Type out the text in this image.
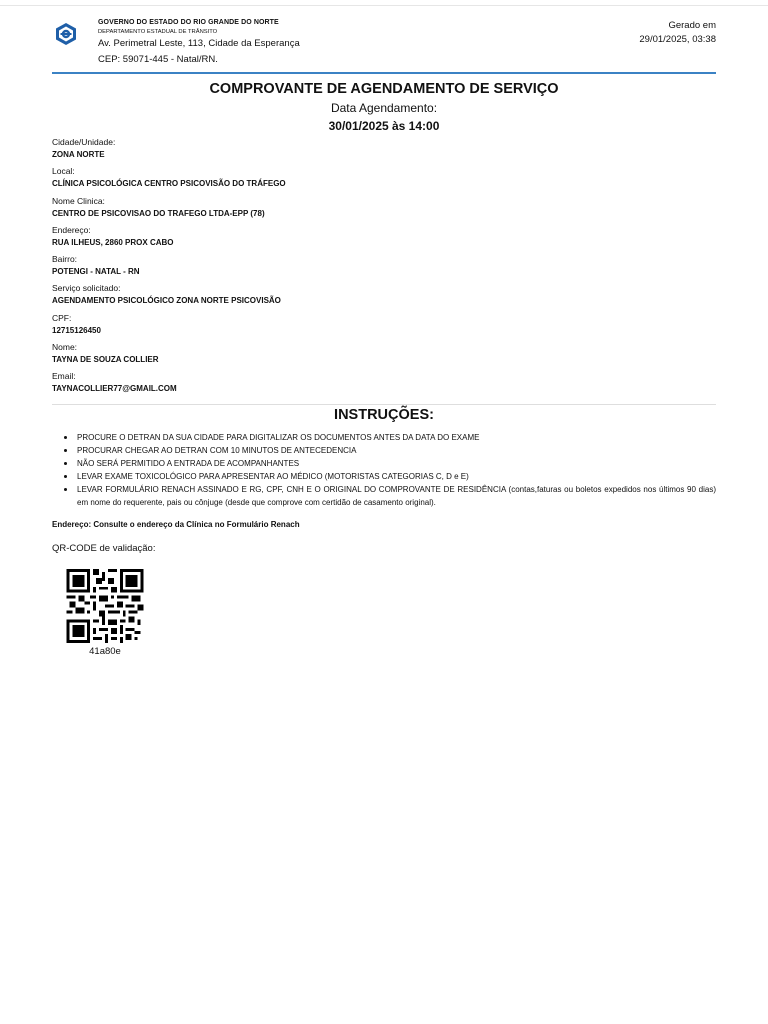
GOVERNO DO ESTADO DO RIO GRANDE DO NORTE
DEPARTAMENTO ESTADUAL DE TRÂNSITO
Av. Perimetral Leste, 113, Cidade da Esperança
CEP: 59071-445 - Natal/RN.
Gerado em
29/01/2025, 03:38
COMPROVANTE DE AGENDAMENTO DE SERVIÇO
Data Agendamento:
30/01/2025 às 14:00
Cidade/Unidade:
ZONA NORTE
Local:
CLÍNICA PSICOLÓGICA CENTRO PSICOVISÃO DO TRÁFEGO
Nome Clinica:
CENTRO DE PSICOVISAO DO TRAFEGO LTDA-EPP (78)
Endereço:
RUA ILHEUS, 2860 PROX CABO
Bairro:
POTENGI - NATAL - RN
Serviço solicitado:
AGENDAMENTO PSICOLÓGICO ZONA NORTE PSICOVISÃO
CPF:
12715126450
Nome:
TAYNA DE SOUZA COLLIER
Email:
TAYNACOLLIER77@GMAIL.COM
INSTRUÇÕES:
PROCURE O DETRAN DA SUA CIDADE PARA DIGITALIZAR OS DOCUMENTOS ANTES DA DATA DO EXAME
PROCURAR CHEGAR AO DETRAN COM 10 MINUTOS DE ANTECEDENCIA
NÃO SERÁ PERMITIDO A ENTRADA DE ACOMPANHANTES
LEVAR EXAME TOXICOLÓGICO PARA APRESENTAR AO MÉDICO (MOTORISTAS CATEGORIAS C, D e E)
LEVAR FORMULÁRIO RENACH ASSINADO E RG, CPF, CNH E O ORIGINAL DO COMPROVANTE DE RESIDÊNCIA (contas,faturas ou boletos expedidos nos últimos 90 dias) em nome do requerente, pais ou cônjuge (desde que comprove com certidão de casamento original).
Endereço: Consulte o endereço da Clínica no Formulário Renach
QR-CODE de validação:
41a80e
